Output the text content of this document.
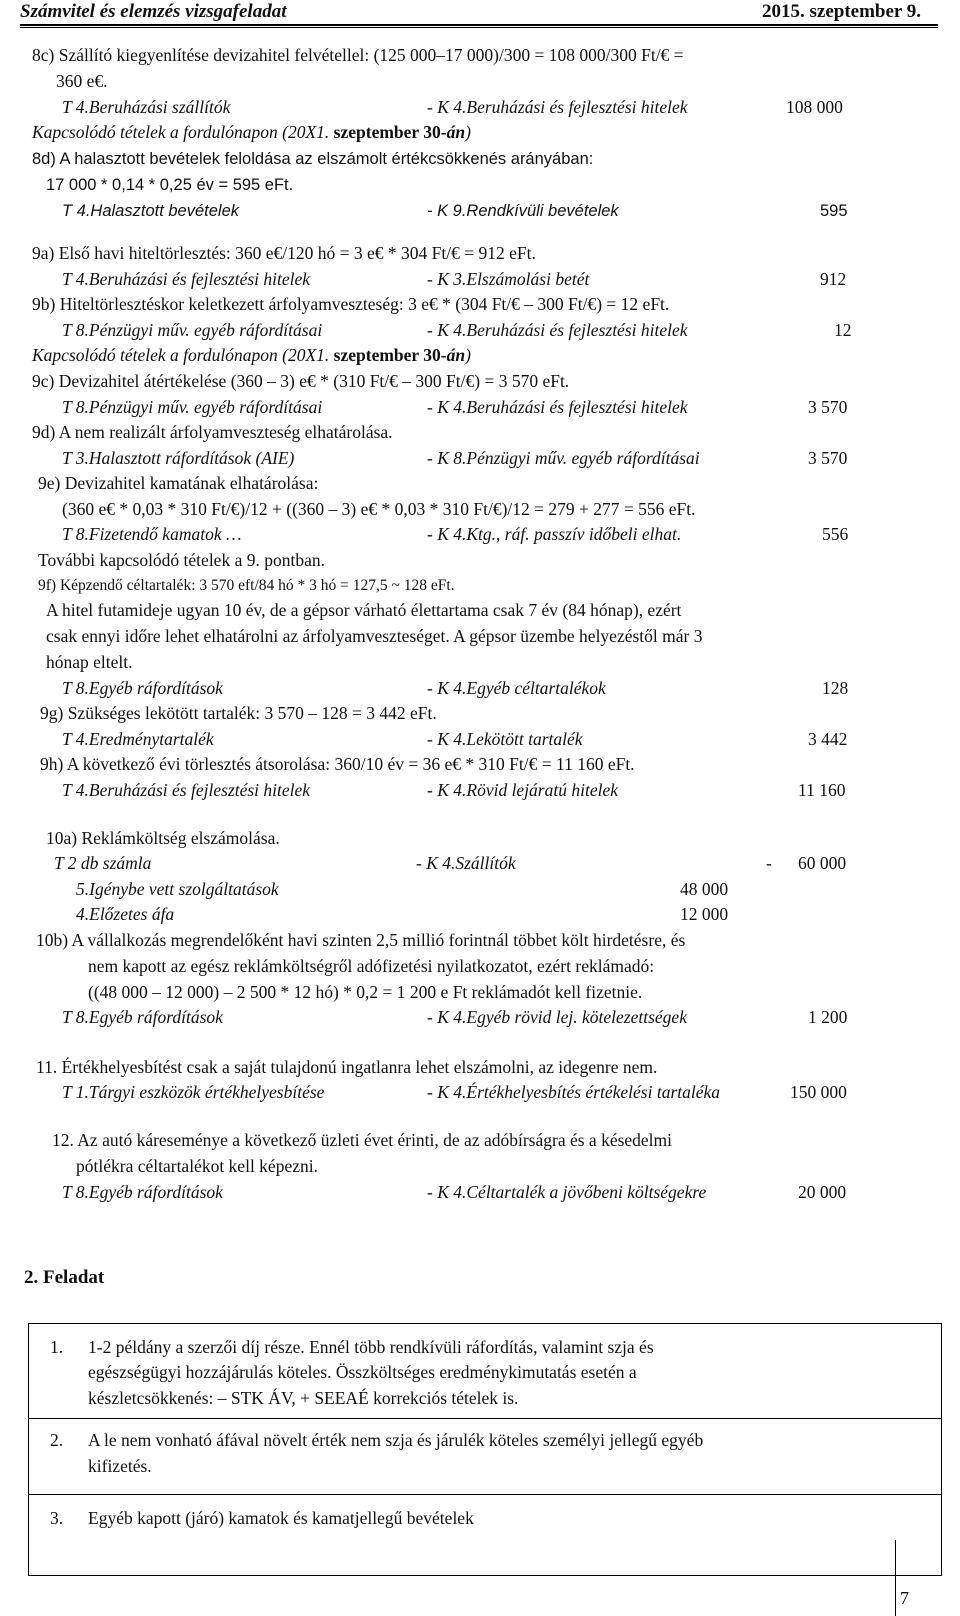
Számvitel és elemzés vizsgafeladat	2015. szeptember 9.
8c) Szállító kiegyenlítése devizahitel felvétellel: (125 000–17 000)/300 = 108 000/300 Ft/€ =
360 e€.
T 4.Beruházási szállítók	- K 4.Beruházási és fejlesztési hitelek	108 000
Kapcsolódó tételek a fordulónapon (20X1. szeptember 30-án)
8d) A halasztott bevételek feloldása az elszámolt értékcsökkenés arányában:
17 000 * 0,14 * 0,25 év = 595 eFt.
T 4.Halasztott bevételek	- K 9.Rendkívüli bevételek	595
9a) Első havi hiteltörlesztés: 360 e€/120 hó = 3 e€ * 304 Ft/€ = 912 eFt.
T 4.Beruházási és fejlesztési hitelek	- K 3.Elszámolási betét	912
9b) Hiteltörlesztéskor keletkezett árfolyamveszteség: 3 e€ * (304 Ft/€ – 300 Ft/€) = 12 eFt.
T 8.Pénzügyi műv. egyéb ráfordításai	- K 4.Beruházási és fejlesztési hitelek	12
Kapcsolódó tételek a fordulónapon (20X1. szeptember 30-án)
9c) Devizahitel átértékelése (360 – 3) e€ * (310 Ft/€ – 300 Ft/€) = 3 570 eFt.
T 8.Pénzügyi műv. egyéb ráfordításai	- K 4.Beruházási és fejlesztési hitelek	3 570
9d) A nem realizált árfolyamveszteség elhatárolása.
T 3.Halasztott ráfordítások (AIE)	- K 8.Pénzügyi műv. egyéb ráfordításai	3 570
9e) Devizahitel kamatának elhatárolása:
(360 e€ * 0,03 * 310 Ft/€)/12 + ((360 – 3) e€ * 0,03 * 310 Ft/€)/12 = 279 + 277 = 556 eFt.
T 8.Fizetendő kamatok …	- K 4.Ktg., ráf. passzív időbeli elhat.	556
További kapcsolódó tételek a 9. pontban.
9f) Képzendő céltartalék: 3 570 eft/84 hó * 3 hó = 127,5 ~ 128 eFt.
A hitel futamideje ugyan 10 év, de a gépsor várható élettartama csak 7 év (84 hónap), ezért
csak ennyi időre lehet elhatárolni az árfolyamveszteséget. A gépsor üzembe helyezéstől már 3
hónap eltelt.
T 8.Egyéb ráfordítások	- K 4.Egyéb céltartalékok	128
9g) Szükséges lekötött tartalék: 3 570 – 128 = 3 442 eFt.
T 4.Eredménytartalék	- K 4.Lekötött tartalék	3 442
9h) A következő évi törlesztés átsorolása: 360/10 év = 36 e€ * 310 Ft/€ = 11 160 eFt.
T 4.Beruházási és fejlesztési hitelek	- K 4.Rövid lejáratú hitelek	11 160
10a) Reklámköltség elszámolása.
T 2 db számla	- K 4.Szállítók	- 60 000
5.Igénybe vett szolgáltatások	48 000
4.Előzetes áfa	12 000
10b) A vállalkozás megrendelőként havi szinten 2,5 millió forintnál többet költ hirdetésre, és
nem kapott az egész reklámköltségről adófizetési nyilatkozatot, ezért reklámadó:
((48 000 – 12 000) – 2 500 * 12 hó) * 0,2 = 1 200 e Ft reklámadót kell fizetnie.
T 8.Egyéb ráfordítások	- K 4.Egyéb rövid lej. kötelezettségek	1 200
11. Értékhelyesbítést csak a saját tulajdonú ingatlanra lehet elszámolni, az idegenre nem.
T 1.Tárgyi eszközök értékhelyesbítése	- K 4.Értékhelyesbítés értékelési tartaléka	150 000
12. Az autó káreseménye a következő üzleti évet érinti, de az adóbírságra és a késedelmi
pótlékra céltartalékot kell képezni.
T 8.Egyéb ráfordítások	- K 4.Céltartalék a jövőbeni költségekre	20 000
2. Feladat
1. 1-2 példány a szerzői díj része. Ennél több rendkívüli ráfordítás, valamint szja és
egészségügyi hozzájárulás köteles. Összköltséges eredménykimutatás esetén a
készletcsökkenés: – STK ÁV, + SEEAÉ korrekciós tételek is.
2. A le nem vonható áfával növelt érték nem szja és járulék köteles személyi jellegű egyéb
kifizetés.
3. Egyéb kapott (járó) kamatok és kamatjellegű bevételek
7
